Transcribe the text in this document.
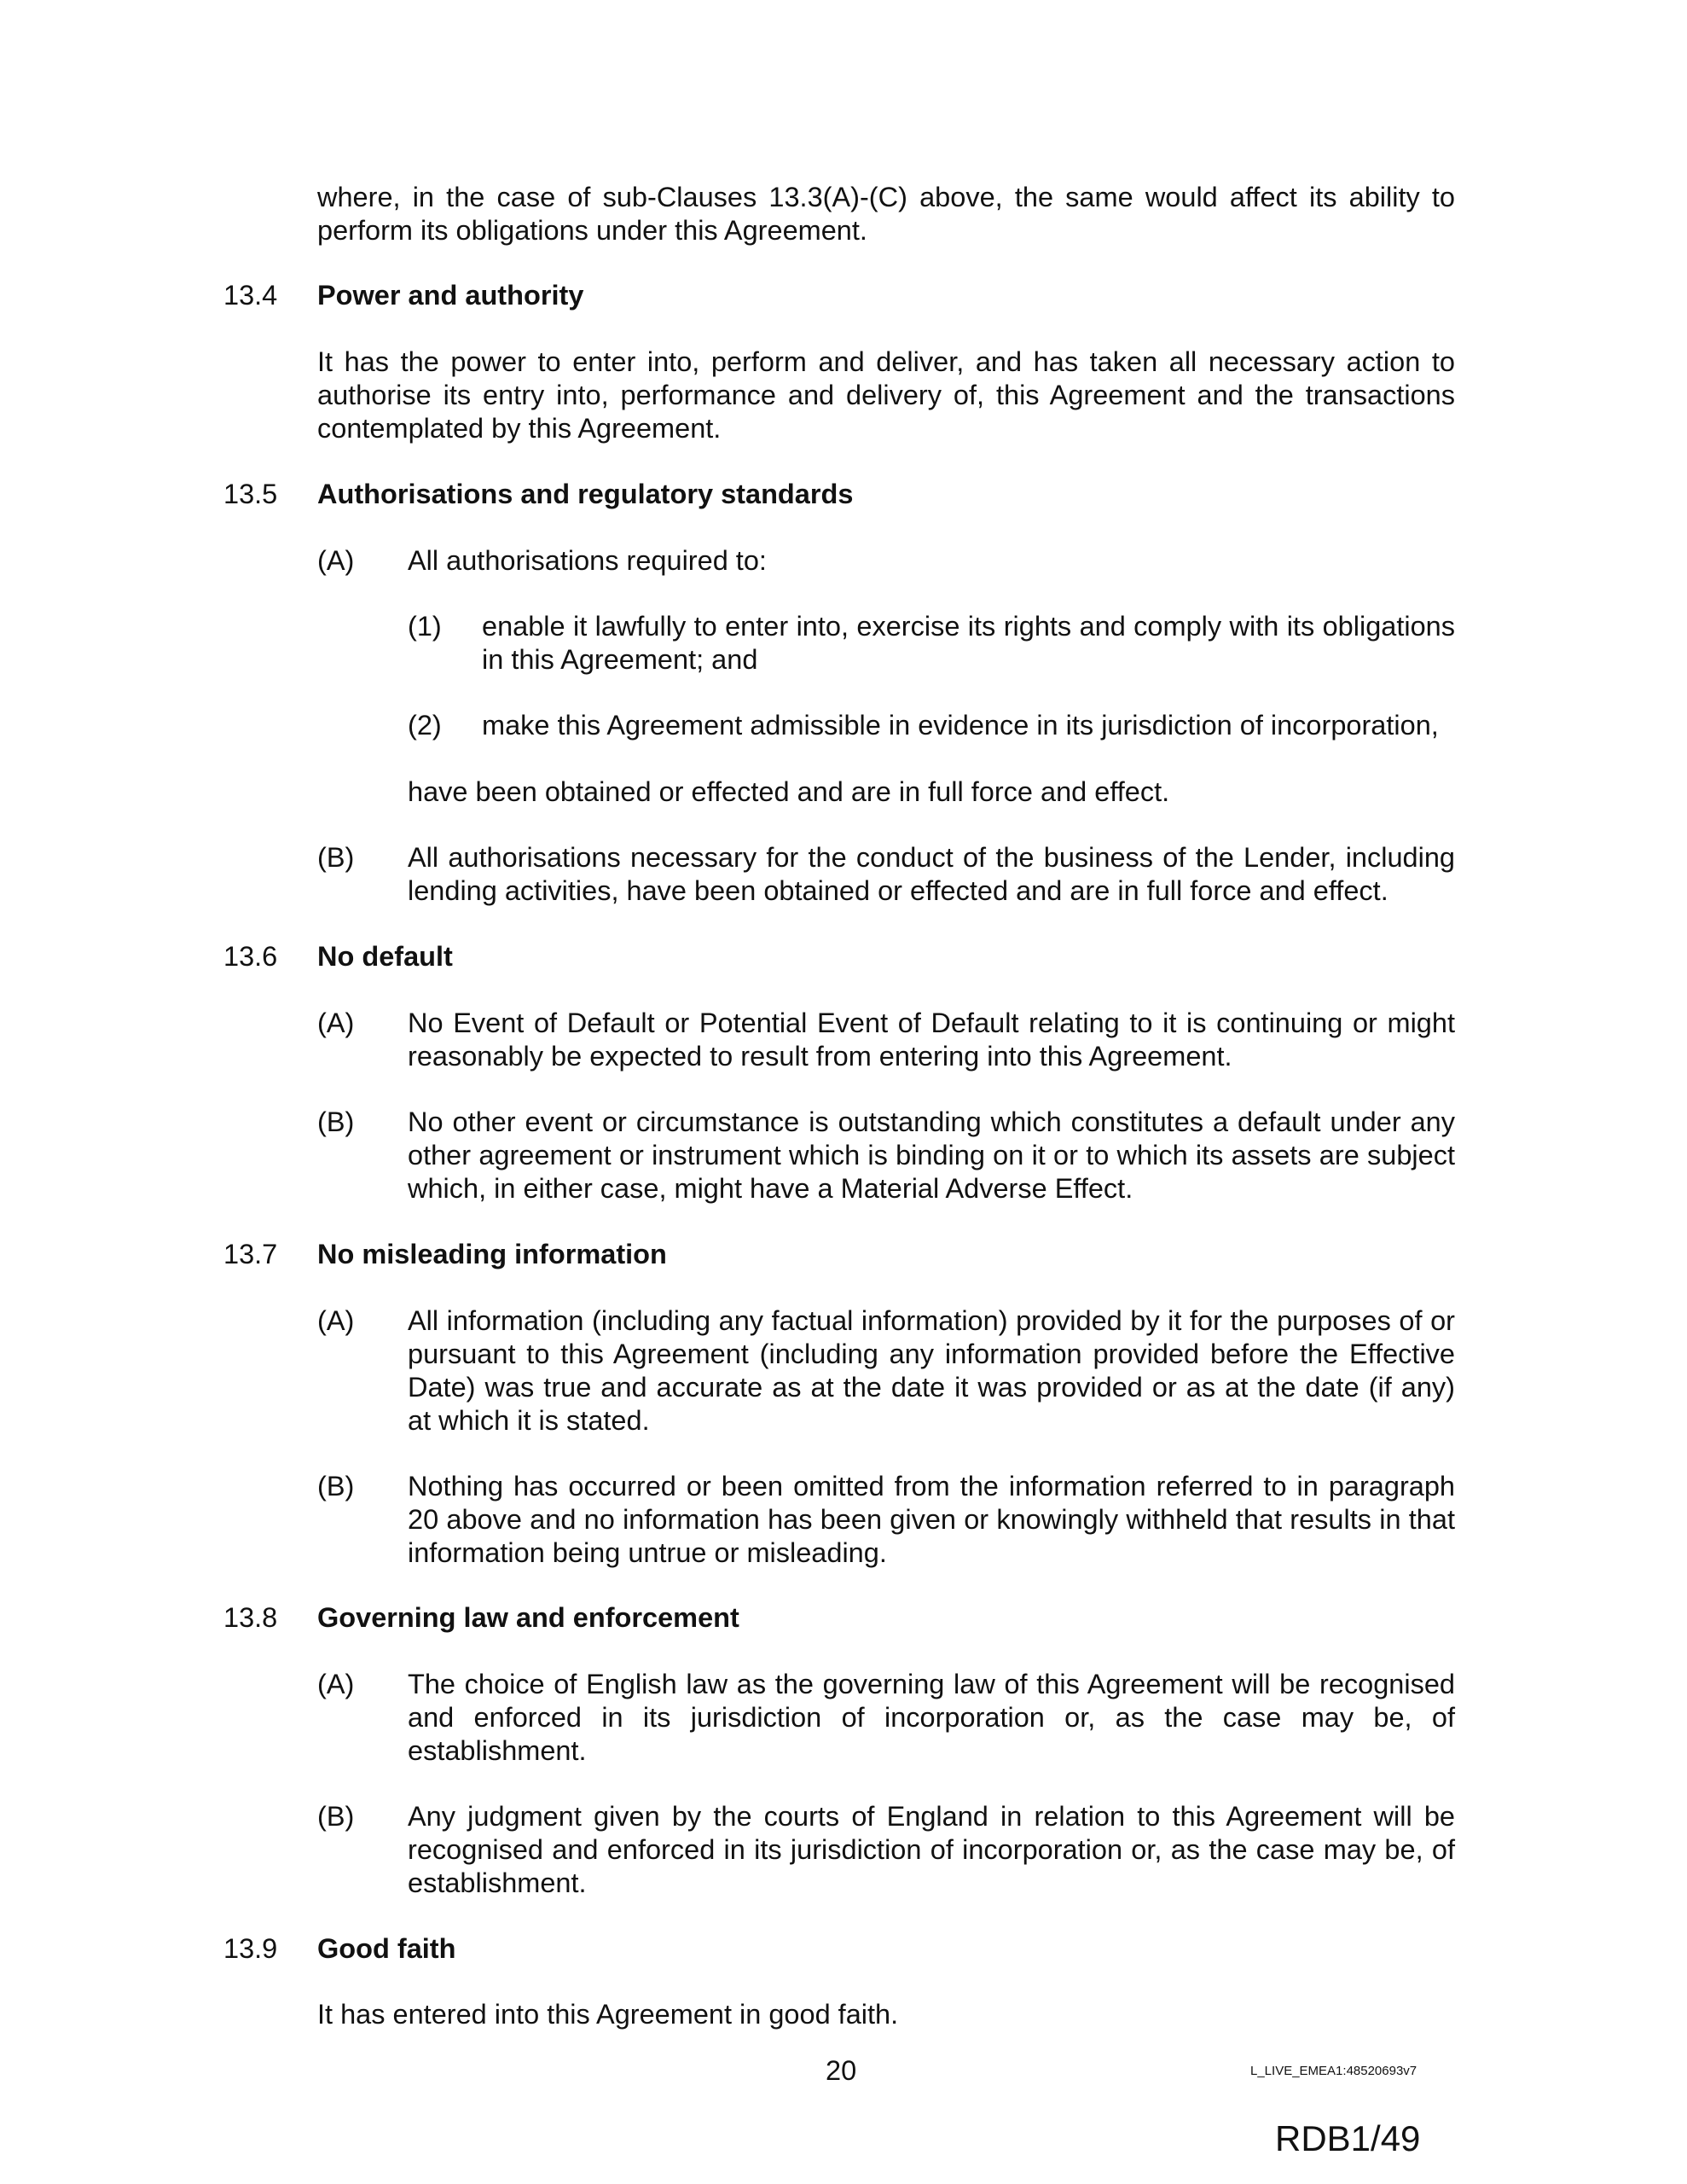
where, in the case of sub-Clauses 13.3(A)-(C) above, the same would affect its ability to perform its obligations under this Agreement.
13.4 Power and authority
It has the power to enter into, perform and deliver, and has taken all necessary action to authorise its entry into, performance and delivery of, this Agreement and the transactions contemplated by this Agreement.
13.5 Authorisations and regulatory standards
(A) All authorisations required to:
(1) enable it lawfully to enter into, exercise its rights and comply with its obligations in this Agreement; and
(2) make this Agreement admissible in evidence in its jurisdiction of incorporation,
have been obtained or effected and are in full force and effect.
(B) All authorisations necessary for the conduct of the business of the Lender, including lending activities, have been obtained or effected and are in full force and effect.
13.6 No default
(A) No Event of Default or Potential Event of Default relating to it is continuing or might reasonably be expected to result from entering into this Agreement.
(B) No other event or circumstance is outstanding which constitutes a default under any other agreement or instrument which is binding on it or to which its assets are subject which, in either case, might have a Material Adverse Effect.
13.7 No misleading information
(A) All information (including any factual information) provided by it for the purposes of or pursuant to this Agreement (including any information provided before the Effective Date) was true and accurate as at the date it was provided or as at the date (if any) at which it is stated.
(B) Nothing has occurred or been omitted from the information referred to in paragraph 20 above and no information has been given or knowingly withheld that results in that information being untrue or misleading.
13.8 Governing law and enforcement
(A) The choice of English law as the governing law of this Agreement will be recognised and enforced in its jurisdiction of incorporation or, as the case may be, of establishment.
(B) Any judgment given by the courts of England in relation to this Agreement will be recognised and enforced in its jurisdiction of incorporation or, as the case may be, of establishment.
13.9 Good faith
It has entered into this Agreement in good faith.
20	L_LIVE_EMEA1:48520693v7
RDB1/49
